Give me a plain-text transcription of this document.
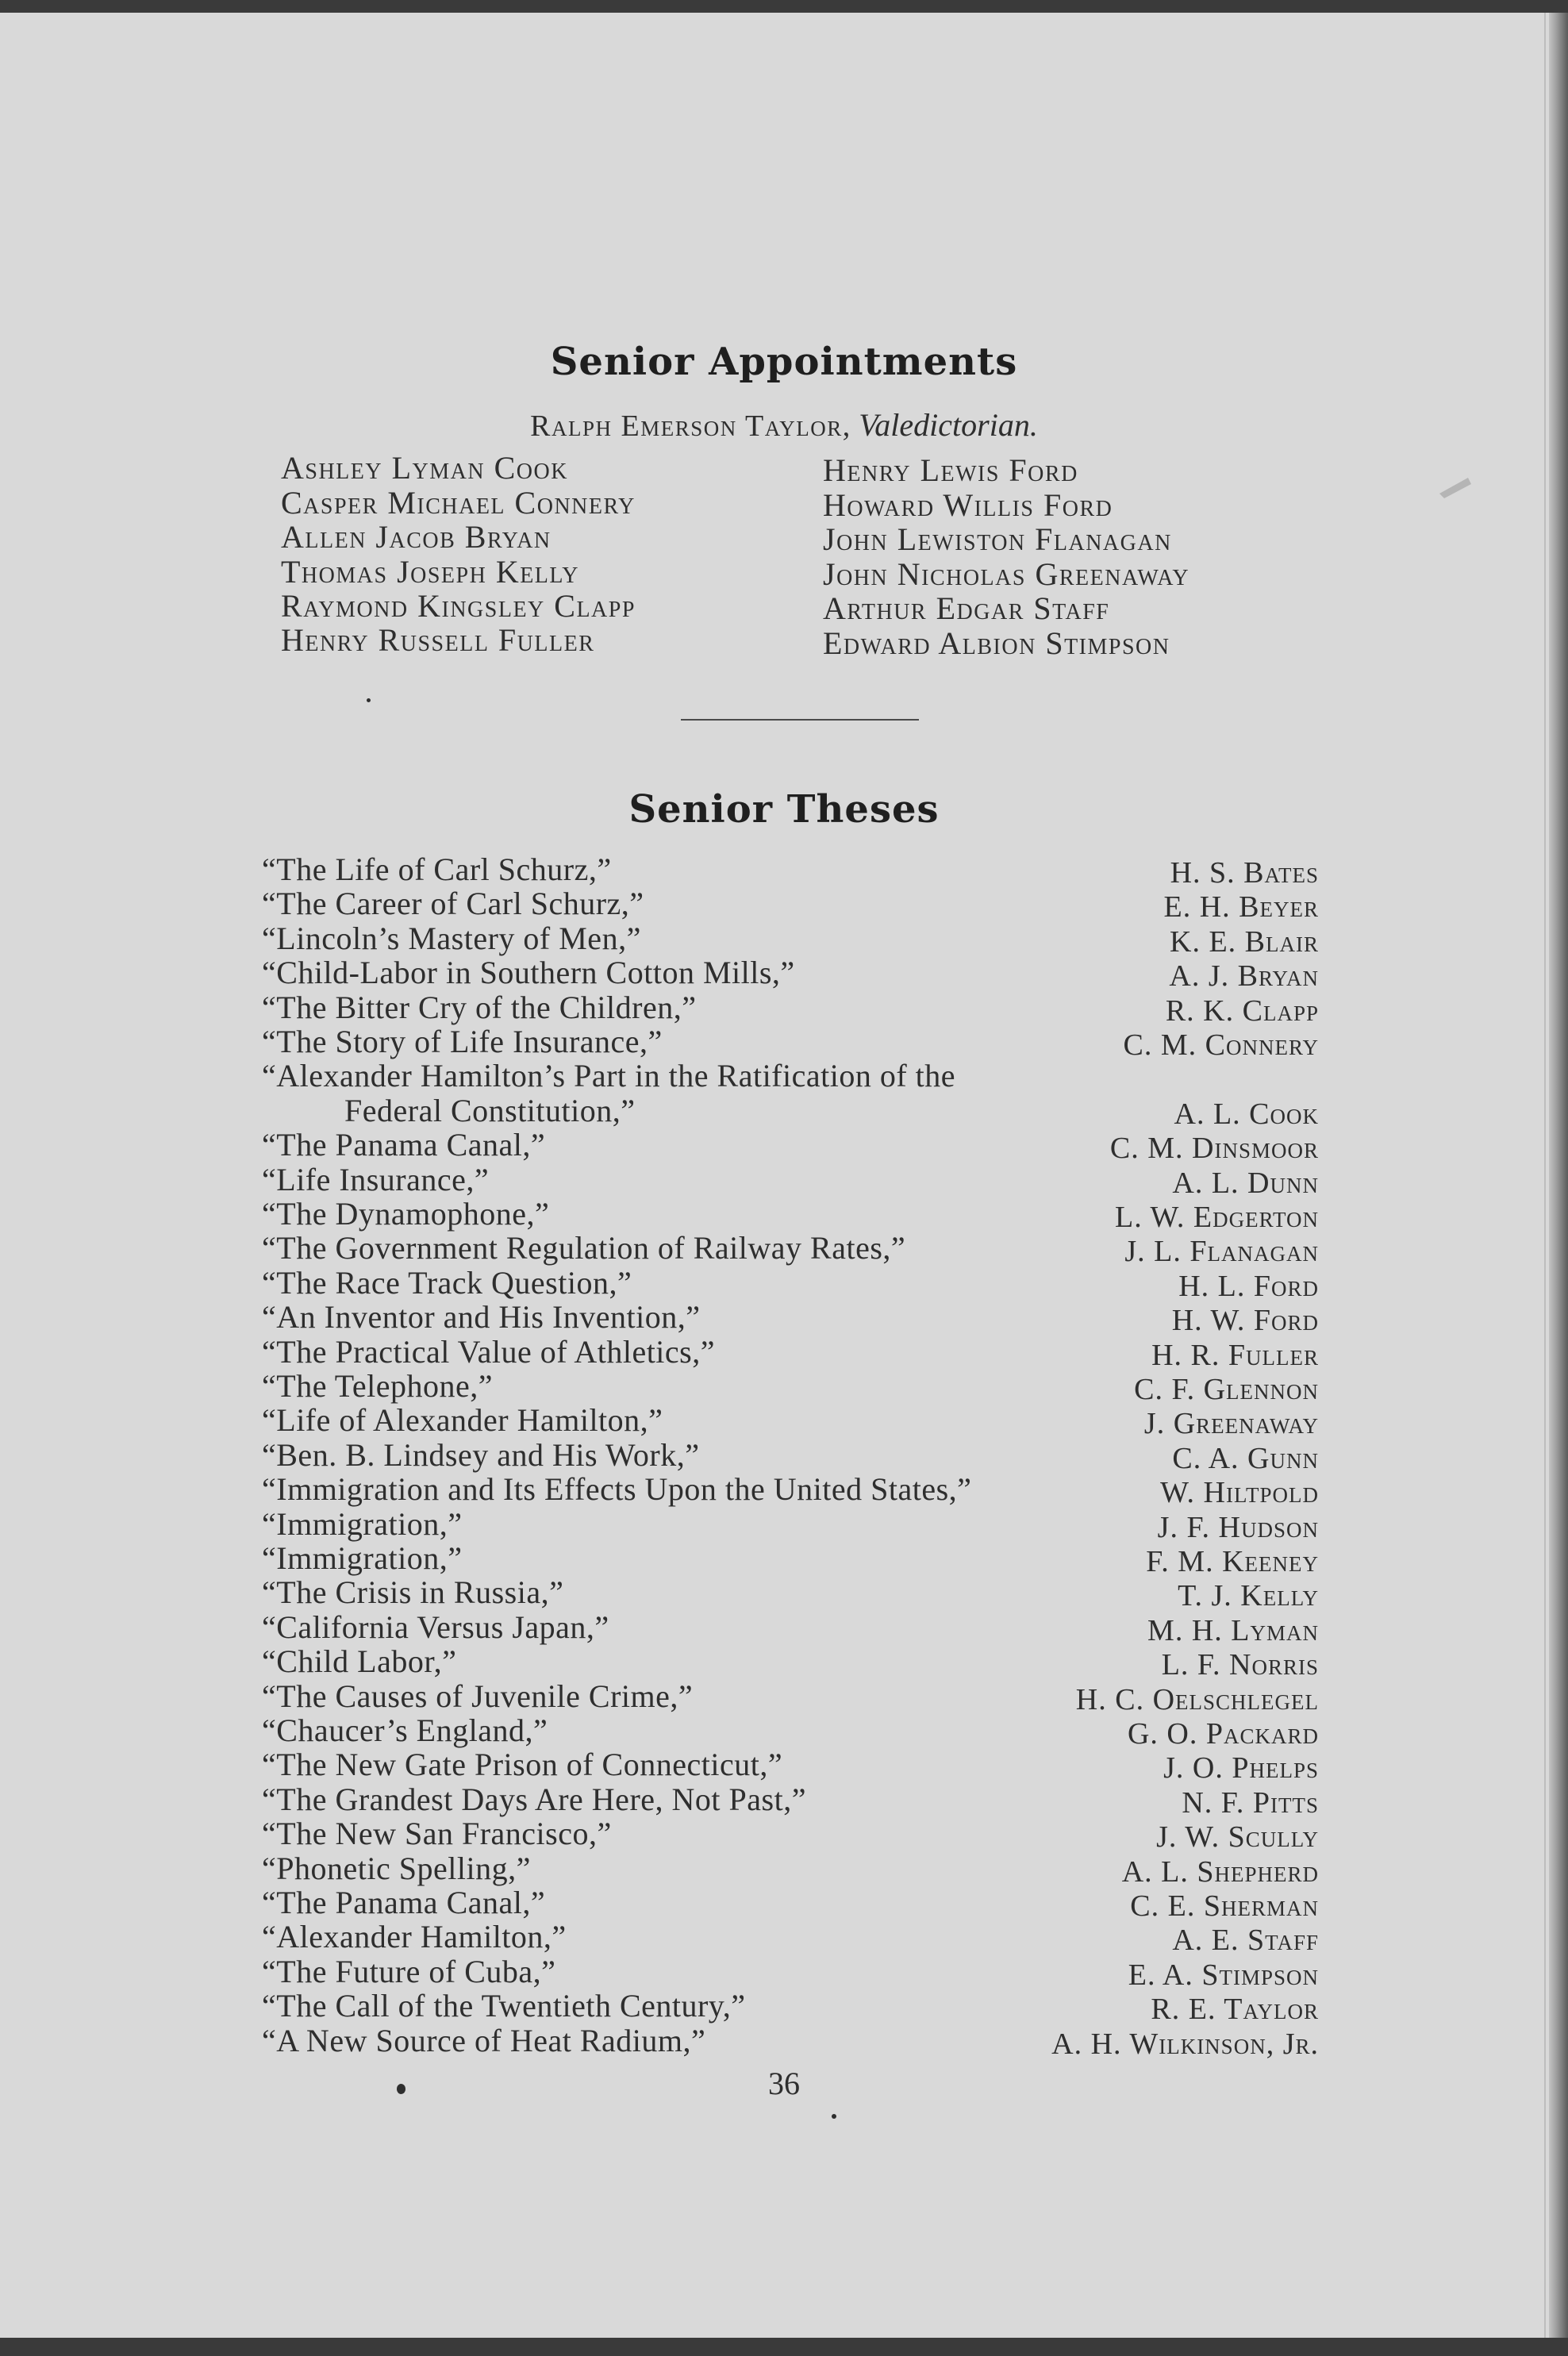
Senior Appointments
Ralph Emerson Taylor, Valedictorian.
Ashley Lyman Cook
Casper Michael Connery
Allen Jacob Bryan
Thomas Joseph Kelly
Raymond Kingsley Clapp
Henry Russell Fuller
Henry Lewis Ford
Howard Willis Ford
John Lewiston Flanagan
John Nicholas Greenaway
Arthur Edgar Staff
Edward Albion Stimpson
Senior Theses
“The Life of Carl Schurz,”	H. S. Bates
“The Career of Carl Schurz,”	E. H. Beyer
“Lincoln’s Mastery of Men,”	K. E. Blair
“Child-Labor in Southern Cotton Mills,”	A. J. Bryan
“The Bitter Cry of the Children,”	R. K. Clapp
“The Story of Life Insurance,”	C. M. Connery
“Alexander Hamilton’s Part in the Ratification of the
Federal Constitution,”	A. L. Cook
“The Panama Canal,”	C. M. Dinsmoor
“Life Insurance,”	A. L. Dunn
“The Dynamophone,”	L. W. Edgerton
“The Government Regulation of Railway Rates,”	J. L. Flanagan
“The Race Track Question,”	H. L. Ford
“An Inventor and His Invention,”	H. W. Ford
“The Practical Value of Athletics,”	H. R. Fuller
“The Telephone,”	C. F. Glennon
“Life of Alexander Hamilton,”	J. Greenaway
“Ben. B. Lindsey and His Work,”	C. A. Gunn
“Immigration and Its Effects Upon the United States,”	W. Hiltpold
“Immigration,”	J. F. Hudson
“Immigration,”	F. M. Keeney
“The Crisis in Russia,”	T. J. Kelly
“California Versus Japan,”	M. H. Lyman
“Child Labor,”	L. F. Norris
“The Causes of Juvenile Crime,”	H. C. Oelschlegel
“Chaucer’s England,”	G. O. Packard
“The New Gate Prison of Connecticut,”	J. O. Phelps
“The Grandest Days Are Here, Not Past,”	N. F. Pitts
“The New San Francisco,”	J. W. Scully
“Phonetic Spelling,”	A. L. Shepherd
“The Panama Canal,”	C. E. Sherman
“Alexander Hamilton,”	A. E. Staff
“The Future of Cuba,”	E. A. Stimpson
“The Call of the Twentieth Century,”	R. E. Taylor
“A New Source of Heat Radium,”	A. H. Wilkinson, Jr.
36
